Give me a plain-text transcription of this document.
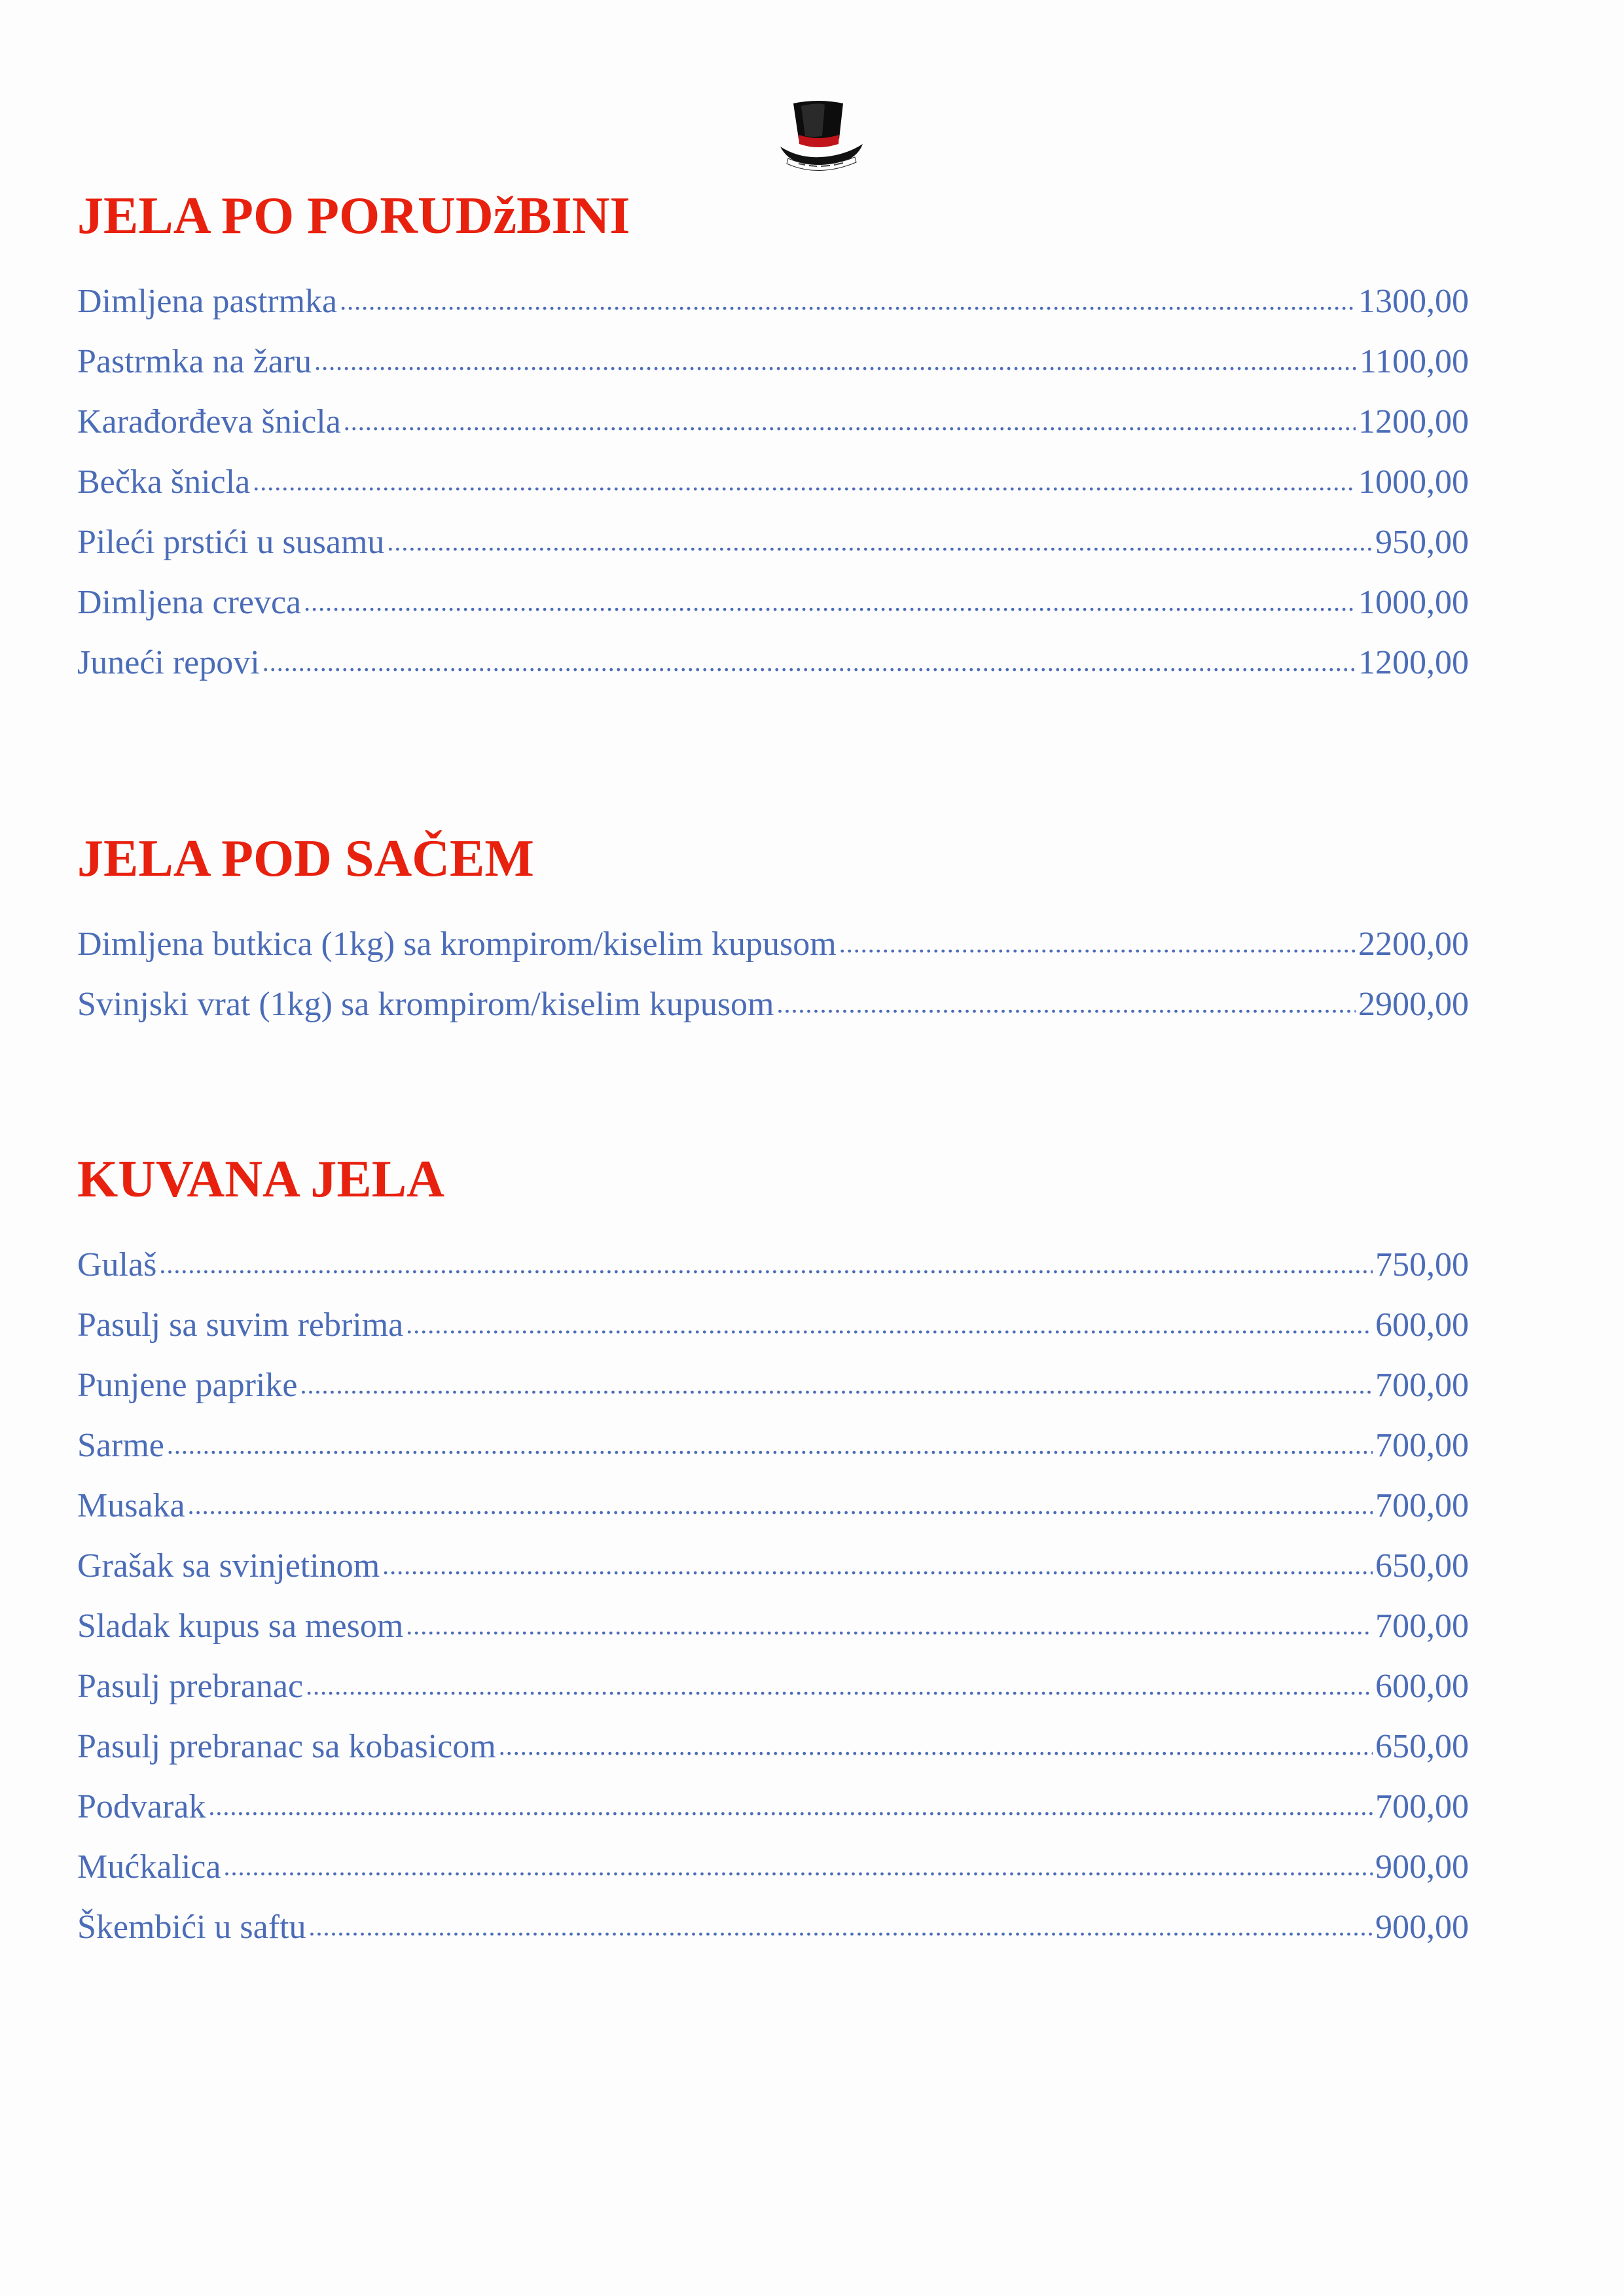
JELA PO PORUDžBINI
Dimljena pastrmka .....	1300,00
Pastrmka na žaru .....	1100,00
Karađorđeva šnicla .....	1200,00
Bečka šnicla .....	1000,00
Pileći prstići u susamu .....	950,00
Dimljena crevca .....	1000,00
Juneći repovi .....	1200,00
JELA POD SAČEM
Dimljena butkica (1kg) sa krompirom/kiselim kupusom .....	2200,00
Svinjski vrat (1kg) sa krompirom/kiselim kupusom .....	2900,00
KUVANA JELA
Gulaš .....	750,00
Pasulj sa suvim rebrima .....	600,00
Punjene paprike .....	700,00
Sarme .....	700,00
Musaka .....	700,00
Grašak sa svinjetinom .....	650,00
Sladak kupus sa mesom .....	700,00
Pasulj prebranac .....	600,00
Pasulj prebranac sa kobasicom .....	650,00
Podvarak .....	700,00
Mućkalica .....	900,00
Škembići u saftu .....	900,00
